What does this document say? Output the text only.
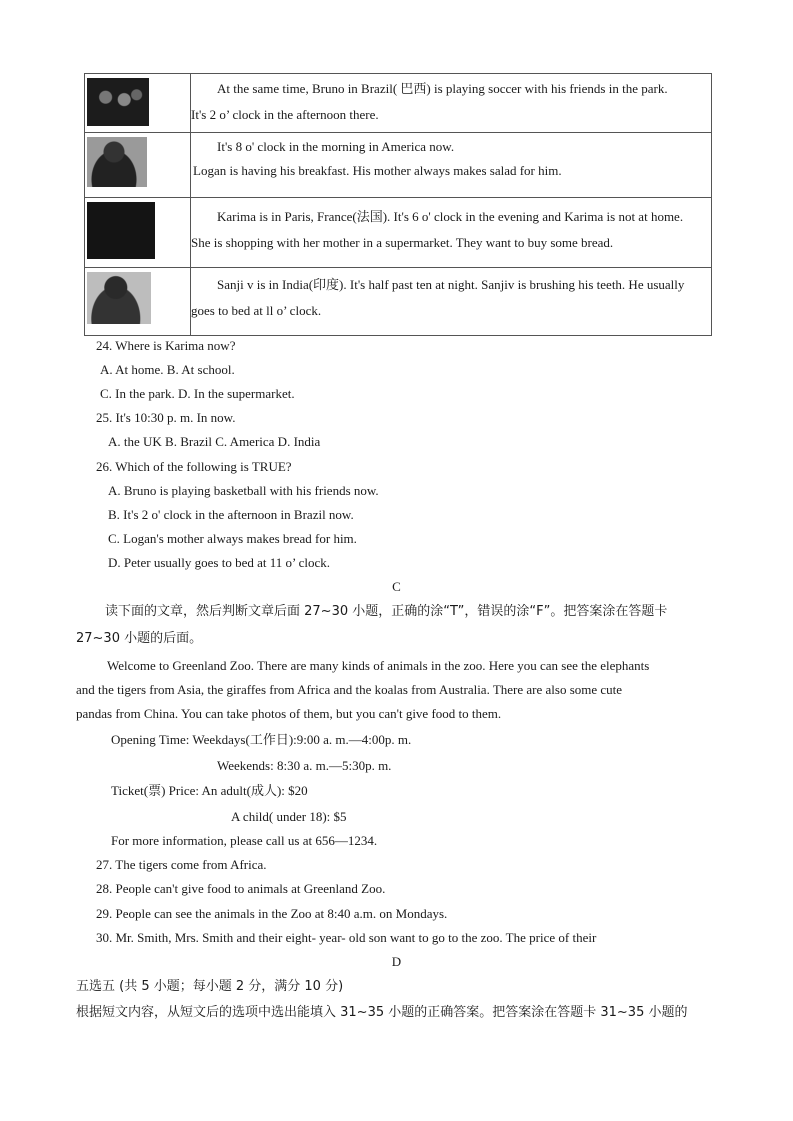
	At the same time, Bruno in Brazil( 巴西) is playing soccer with his friends in the park.
It's 2 o’ clock in the afternoon there.

	It's 8 o' clock in the morning in America now.
Logan is having his breakfast. His mother always makes salad for him.

	Karima is in Paris, France(法国). It's 6 o' clock in the evening and Karima is not at home.
She is shopping with her mother in a supermarket. They want to buy some bread.

	Sanji v is in India(印度). It's half past ten at night. Sanjiv is brushing his teeth. He usually
goes to bed at ll o’ clock.
24. Where is Karima now?
A. At home. B. At school.
C. In the park. D. In the supermarket.
25. It's 10:30 p. m. In now.
A. the UK B. Brazil C. America D. India
26. Which of the following is TRUE?
A. Bruno is playing basketball with his friends now.
B. It's 2 o' clock in the afternoon in Brazil now.
C. Logan's mother always makes bread for him.
D. Peter usually goes to bed at 11 o’ clock.
C
读下面的文章，然后判断文章后面 27~30 小题，正确的涂“T”，错误的涂“F”。把答案涂在答题卡
27~30 小题的后面。
Welcome to Greenland Zoo. There are many kinds of animals in the zoo. Here you can see the elephants
and the tigers from Asia, the giraffes from Africa and the koalas from Australia. There are also some cute
pandas from China. You can take photos of them, but you can't give food to them.
Opening Time: Weekdays(工作日):9:00 a. m.—4:00p. m.
Weekends: 8:30 a. m.—5:30p. m.
Ticket(票) Price: An adult(成人): $20
A child( under 18): $5
For more information, please call us at 656—1234.
27. The tigers come from Africa.
28. People can't give food to animals at Greenland Zoo.
29. People can see the animals in the Zoo at 8:40 a.m. on Mondays.
30. Mr. Smith, Mrs. Smith and their eight- year- old son want to go to the zoo. The price of their
D
五选五 (共 5 小题；每小题 2 分，满分 10 分)
根据短文内容，从短文后的选项中选出能填入 31~35 小题的正确答案。把答案涂在答题卡 31~35 小题的
